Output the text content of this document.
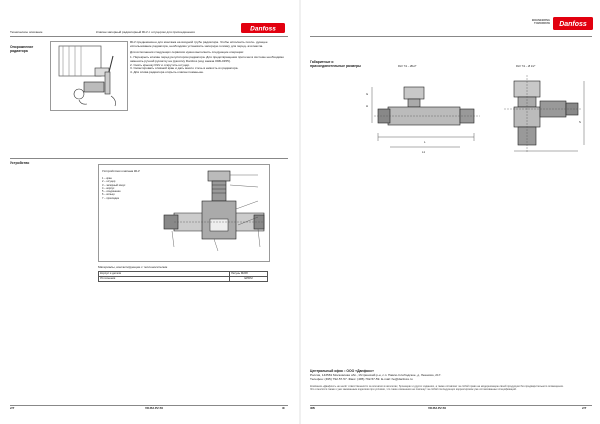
Техническое описание	Клапан запорный радиаторный RLV с штуцером для присоединения	Danfoss
Опорожнение радиатора
RLV предназначен для монтажа на входной трубе радиатора. Чтобы исполнить после- дующее использование радиатора, необходимо установить запорную головку для перед- ачи масла.
Для исполнения следующих сервисов нужно выполнить следующие операции:
1. Перекрыть клапан перед регулятором радиатора. Для предотвращения протечек в системе необходимо заменить ручной рукоятку на рукоятку Danfoss (код заказа 003L0155).
2. Снять крышку RLV и открутить штуцер.
3. Смонтировать сливной кран и дать масло стечь в емкость из радиатора.
4. Для слива радиатора открыть клапан поменьше.
Устройство
Устройство клапана RLV
1 – кран
2 – штуцер
3 – запорный конус
4 – корпус
5 – соединение
6 – кольцо
7 – прокладка
Материалы, контактирующие с теплоносителем
Корпус и детали	Латунь Ms58
Уплотнения	EPDM
2/7	VD.B2.P2.50	Ф
ENGINEERING
TOMORROW Danfoss
Габаритные и присоединительные размеры	RLV 7/1 – Ø1/2"	RLV 7/1 – Ø 1/2"
G
H
L
L1
S
Центральный офис • ООО «Данфосс»
Россия, 143581 Московская обл., Истринский р-н, с.п. Павло-Слободское, д. Лешково, 217.
Телефон: (495) 792-57-57. Факс: (495) 792-57-59. E-mail: he@danfoss.ru
Компания «Данфосс» не несёт ответственности за опечатки в каталогах, брошюрах и других изданиях, а также оставляет за собой право на модернизацию своей продукции без предварительного оповещения.
Это относится также к уже заказанным изделиям при условии, что такие изменения не повлекут за собой последующих корректировок уже согласованных спецификаций.
ФБ	VD.B2.P2.50	2/7
